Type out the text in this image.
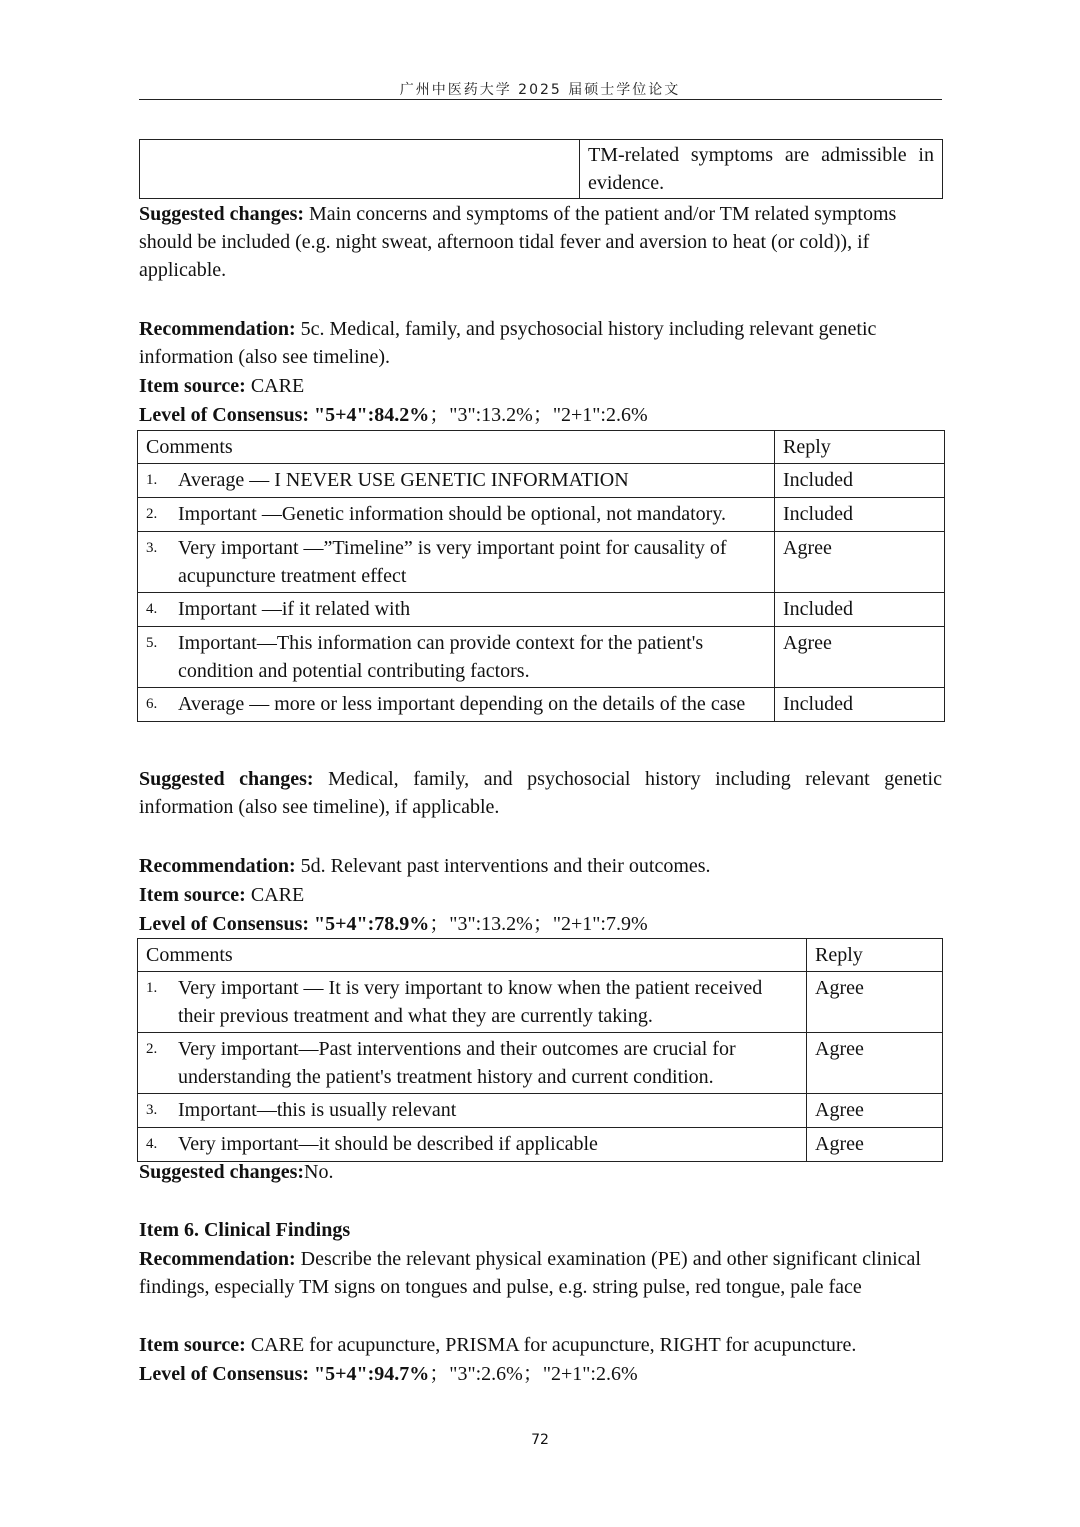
广州中医药大学 2025 届硕士学位论文
	TM-related symptoms are admissible in evidence.
Suggested changes: Main concerns and symptoms of the patient and/or TM related symptoms should be included (e.g. night sweat, afternoon tidal fever and aversion to heat (or cold)), if applicable.
Recommendation: 5c. Medical, family, and psychosocial history including relevant genetic information (also see timeline).
Item source: CARE
Level of Consensus: "5+4":84.2%；"3":13.2%；"2+1":2.6%
Comments	Reply
1. Average — I NEVER USE GENETIC INFORMATION	Included
2. Important —Genetic information should be optional, not mandatory.	Included
3. Very important —”Timeline” is very important point for causality of acupuncture treatment effect	Agree
4. Important —if it related with	Included
5. Important—This information can provide context for the patient's condition and potential contributing factors.	Agree
6. Average — more or less important depending on the details of the case	Included
Suggested changes: Medical, family, and psychosocial history including relevant genetic information (also see timeline), if applicable.
Recommendation: 5d. Relevant past interventions and their outcomes.
Item source: CARE
Level of Consensus: "5+4":78.9%；"3":13.2%；"2+1":7.9%
Comments	Reply
1. Very important — It is very important to know when the patient received their previous treatment and what they are currently taking.	Agree
2. Very important—Past interventions and their outcomes are crucial for understanding the patient's treatment history and current condition.	Agree
3. Important—this is usually relevant	Agree
4. Very important—it should be described if applicable	Agree
Suggested changes:No.
Item 6. Clinical Findings
Recommendation: Describe the relevant physical examination (PE) and other significant clinical findings, especially TM signs on tongues and pulse, e.g. string pulse, red tongue, pale face
Item source: CARE for acupuncture, PRISMA for acupuncture, RIGHT for acupuncture.
Level of Consensus: "5+4":94.7%；"3":2.6%；"2+1":2.6%
72
